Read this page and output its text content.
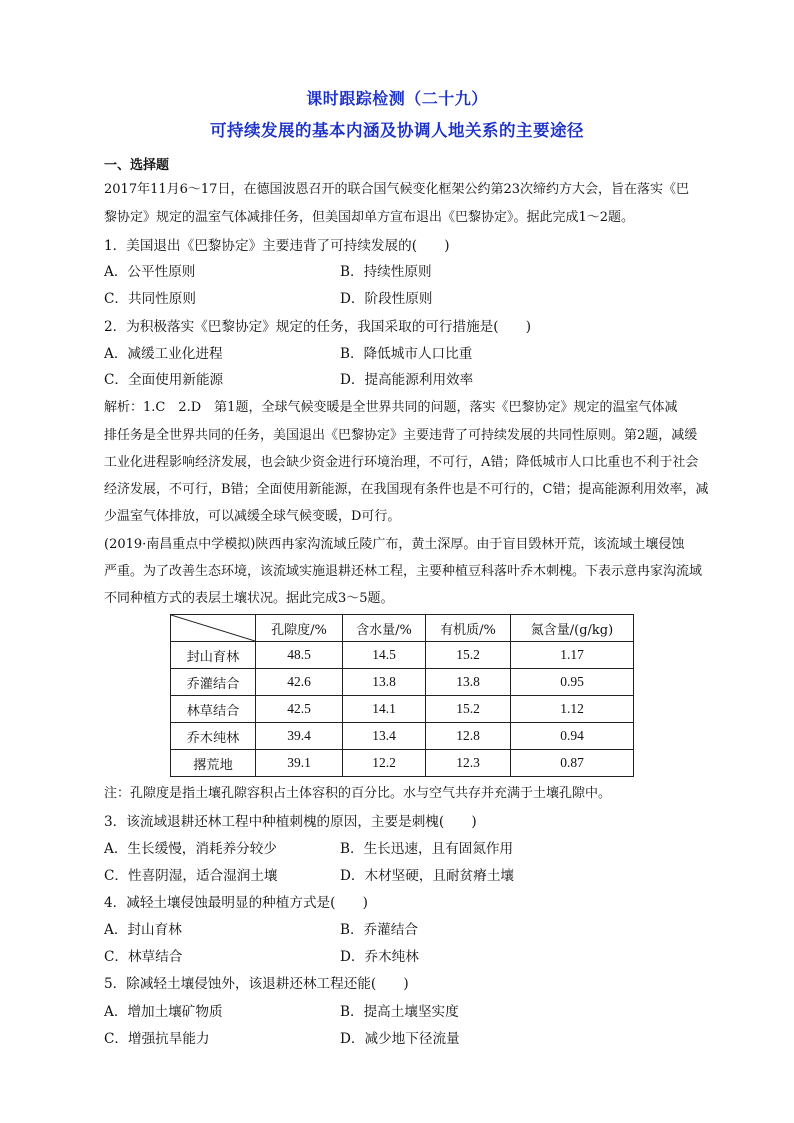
课时跟踪检测（二十九）
可持续发展的基本内涵及协调人地关系的主要途径
一、选择题
2017年11月6～17日，在德国波恩召开的联合国气候变化框架公约第23次缔约方大会，旨在落实《巴
黎协定》规定的温室气体减排任务，但美国却单方宣布退出《巴黎协定》。据此完成1～2题。
1．美国退出《巴黎协定》主要违背了可持续发展的(　　)
A．公平性原则	B．持续性原则
C．共同性原则	D．阶段性原则
2．为积极落实《巴黎协定》规定的任务，我国采取的可行措施是(　　)
A．减缓工业化进程	B．降低城市人口比重
C．全面使用新能源	D．提高能源利用效率
解析：1.C　2.D　第1题，全球气候变暖是全世界共同的问题，落实《巴黎协定》规定的温室气体减
排任务是全世界共同的任务，美国退出《巴黎协定》主要违背了可持续发展的共同性原则。第2题，减缓
工业化进程影响经济发展，也会缺少资金进行环境治理，不可行，A错；降低城市人口比重也不利于社会
经济发展，不可行，B错；全面使用新能源，在我国现有条件也是不可行的，C错；提高能源利用效率，减
少温室气体排放，可以减缓全球气候变暖，D可行。
(2019·南昌重点中学模拟)陕西冉家沟流域丘陵广布，黄土深厚。由于盲目毁林开荒，该流域土壤侵蚀
严重。为了改善生态环境，该流域实施退耕还林工程，主要种植豆科落叶乔木刺槐。下表示意冉家沟流域
不同种植方式的表层土壤状况。据此完成3～5题。
	孔隙度/%	含水量/%	有机质/%	氮含量/(g/kg)
封山育林	48.5	14.5	15.2	1.17
乔灌结合	42.6	13.8	13.8	0.95
林草结合	42.5	14.1	15.2	1.12
乔木纯林	39.4	13.4	12.8	0.94
撂荒地	39.1	12.2	12.3	0.87
注：孔隙度是指土壤孔隙容积占土体容积的百分比。水与空气共存并充满于土壤孔隙中。
3．该流域退耕还林工程中种植刺槐的原因，主要是刺槐(　　)
A．生长缓慢，消耗养分较少	B．生长迅速，且有固氮作用
C．性喜阴湿，适合湿润土壤	D．木材坚硬，且耐贫瘠土壤
4．减轻土壤侵蚀最明显的种植方式是(　　)
A．封山育林	B．乔灌结合
C．林草结合	D．乔木纯林
5．除减轻土壤侵蚀外，该退耕还林工程还能(　　)
A．增加土壤矿物质	B．提高土壤坚实度
C．增强抗旱能力	D．减少地下径流量
